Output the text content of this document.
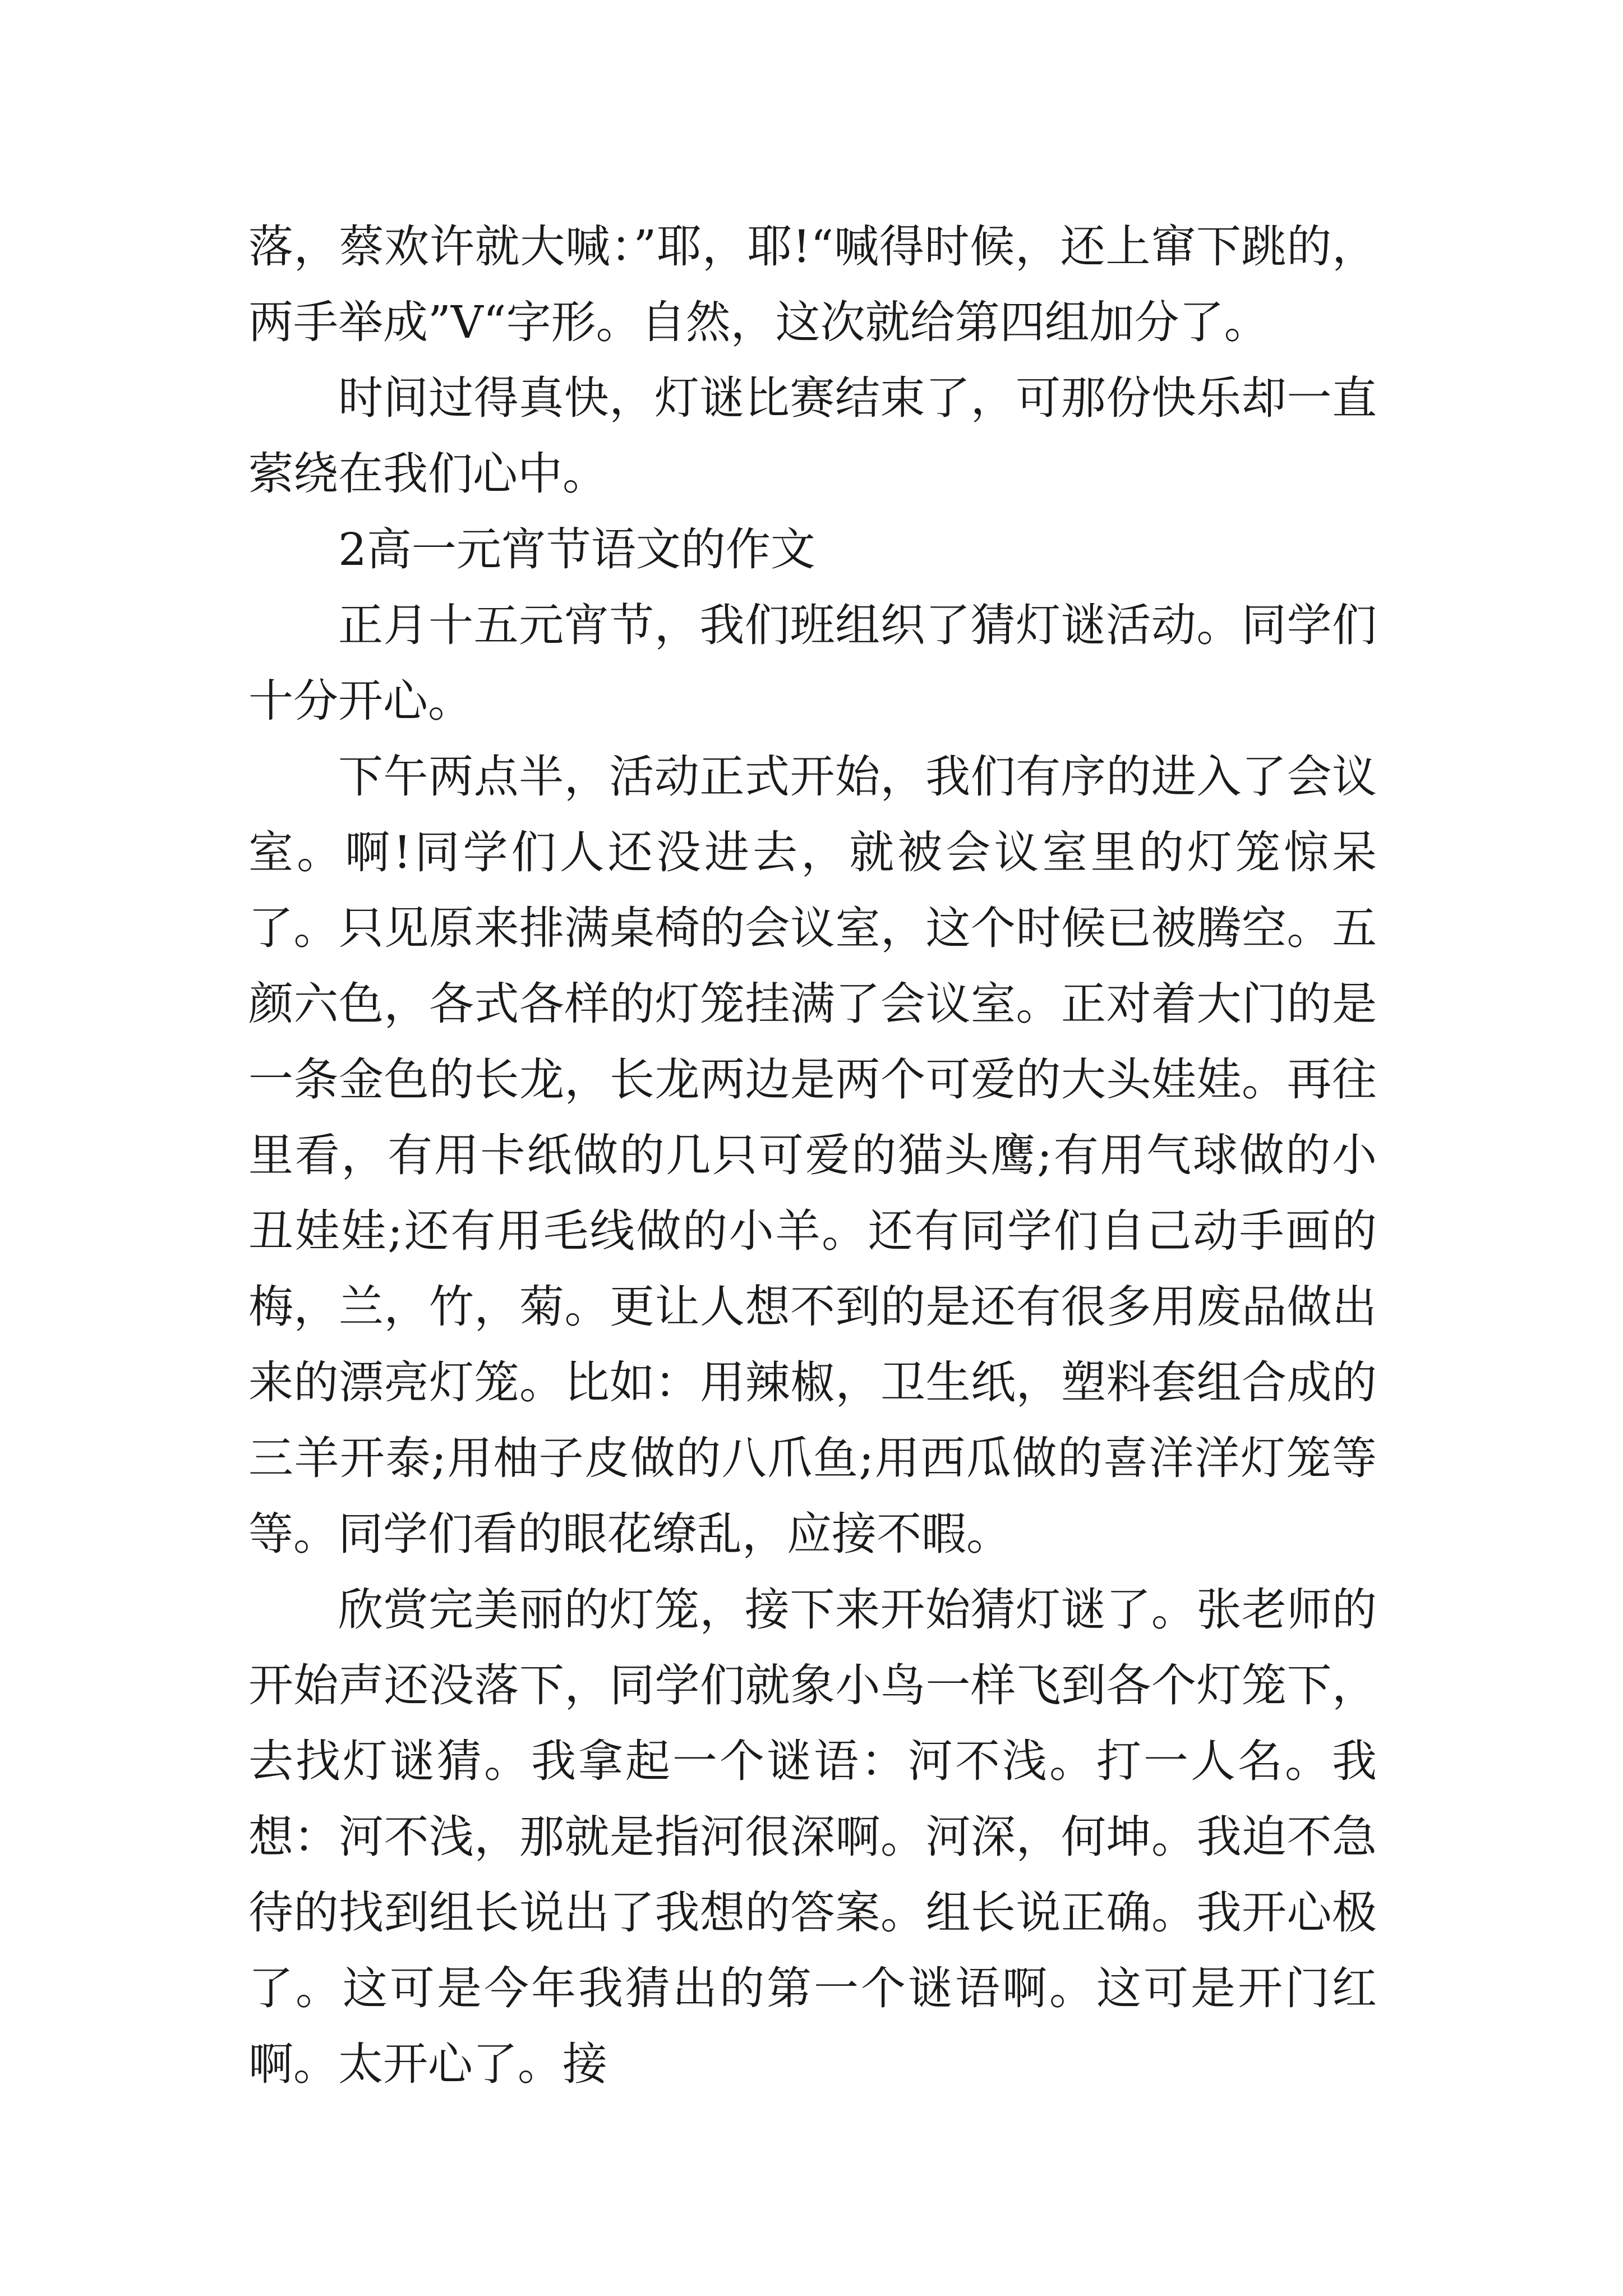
落，蔡欢许就大喊：”耶，耶!“喊得时候，还上窜下跳的，两手举成”V“字形。自然，这次就给第四组加分了。

时间过得真快，灯谜比赛结束了，可那份快乐却一直萦绕在我们心中。

2高一元宵节语文的作文

正月十五元宵节，我们班组织了猜灯谜活动。同学们十分开心。

下午两点半，活动正式开始，我们有序的进入了会议室。啊!同学们人还没进去，就被会议室里的灯笼惊呆了。只见原来排满桌椅的会议室，这个时候已被腾空。五颜六色，各式各样的灯笼挂满了会议室。正对着大门的是一条金色的长龙，长龙两边是两个可爱的大头娃娃。再往里看，有用卡纸做的几只可爱的猫头鹰;有用气球做的小丑娃娃;还有用毛线做的小羊。还有同学们自己动手画的梅，兰，竹，菊。更让人想不到的是还有很多用废品做出来的漂亮灯笼。比如：用辣椒，卫生纸，塑料套组合成的三羊开泰;用柚子皮做的八爪鱼;用西瓜做的喜洋洋灯笼等等。同学们看的眼花缭乱，应接不暇。

欣赏完美丽的灯笼，接下来开始猜灯谜了。张老师的开始声还没落下，同学们就象小鸟一样飞到各个灯笼下，去找灯谜猜。我拿起一个谜语：河不浅。打一人名。我想：河不浅，那就是指河很深啊。河深，何坤。我迫不急待的找到组长说出了我想的答案。组长说正确。我开心极了。这可是今年我猜出的第一个谜语啊。这可是开门红啊。太开心了。接
